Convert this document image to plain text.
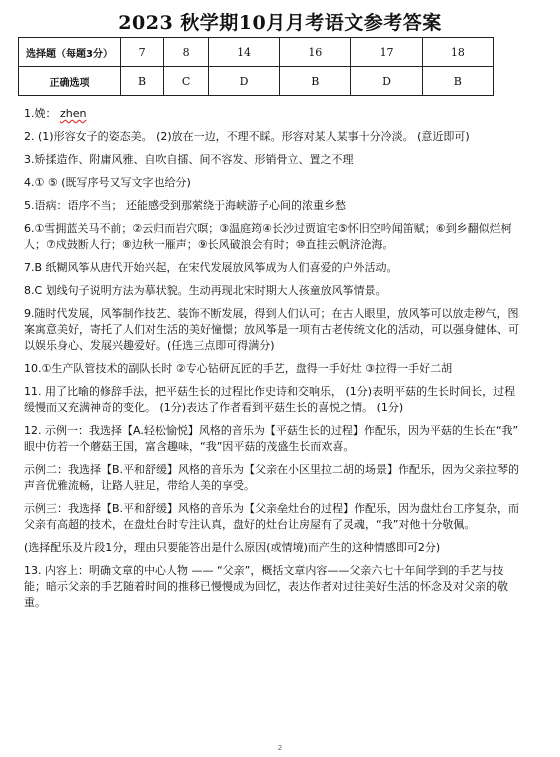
2023 秋学期10月月考语文参考答案
选择题（每题3分）	7	8	14	16	17	18
正确选项	B	C	D	B	D	B

1.娩： zhen

2. (1)形容女子的姿态美。 (2)放在一边，不理不睬。形容对某人某事十分冷淡。 (意近即可)

3.矫揉造作、附庸风雅、自吹自擂、间不容发、形销骨立、置之不理

4.① ⑤ (既写序号又写文字也给分)

5.语病：语序不当； 还能感受到那萦绕于海峡游子心间的浓重乡愁

6.①雪拥蓝关马不前；②云归而岩穴暝；③温庭筠④长沙过贾谊宅⑤怀旧空吟闻笛赋；⑥到乡翻似烂柯人；⑦戍鼓断人行；⑧边秋一雁声；⑨长风破浪会有时；⑩直挂云帆济沧海。

7.B 纸糊风筝从唐代开始兴起，在宋代发展放风筝成为人们喜爱的户外活动。

8.C 划线句子说明方法为摹状貌。生动再现北宋时期大人孩童放风筝情景。

9.随时代发展，风筝制作技艺、装饰不断发展，得到人们认可；在古人眼里，放风筝可以放走秽气，图案寓意美好，寄托了人们对生活的美好憧憬；放风筝是一项有古老传统文化的活动，可以强身健体、可以娱乐身心、发展兴趣爱好。(任选三点即可得满分)

10.①生产队管技术的副队长时 ②专心钻研瓦匠的手艺，盘得一手好灶 ③拉得一手好二胡

11. 用了比喻的修辞手法，把平菇生长的过程比作史诗和交响乐， (1分)表明平菇的生长时间长，过程 缓慢而又充满神奇的变化。 (1分)表达了作者看到平菇生长的喜悦之情。 (1分)

12. 示例一：我选择【A.轻松愉悦】风格的音乐为【平菇生长的过程】作配乐，因为平菇的生长在“我” 眼中仿若一个蘑菇王国，富含趣味，“我”因平菇的茂盛生长而欢喜。

示例二：我选择【B.平和舒缓】风格的音乐为【父亲在小区里拉二胡的场景】作配乐，因为父亲拉琴的声音优雅流畅，让路人驻足，带给人美的享受。

示例三：我选择【B.平和舒缓】风格的音乐为【父亲垒灶台的过程】作配乐，因为盘灶台工序复杂，而父亲有高超的技术，在盘灶台时专注认真，盘好的灶台让房屋有了灵魂，“我”对他十分敬佩。

(选择配乐及片段1分，理由只要能答出是什么原因(或情境)而产生的这种情感即可2分)

13. 内容上：明确文章的中心人物 —— “父亲”，概括文章内容——父亲六七十年间学到的手艺与技能；暗示父亲的手艺随着时间的推移已慢慢成为回忆，表达作者对过往美好生活的怀念及对父亲的敬重。

2
